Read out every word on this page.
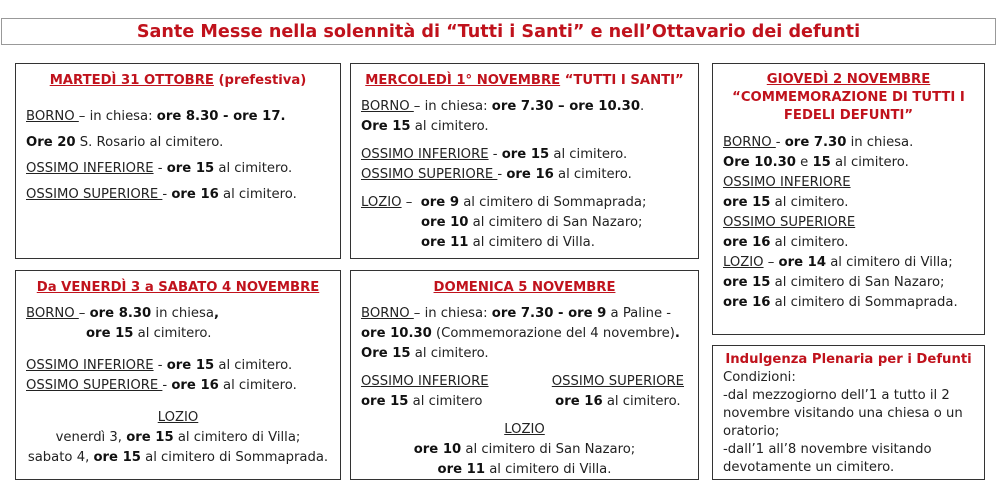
Sante Messe nella solennità di “Tutti i Santi” e nell’Ottavario dei defunti
MARTEDÌ 31 OTTOBRE (prefestiva)
BORNO – in chiesa: ore 8.30 - ore 17.
Ore 20 S. Rosario al cimitero.
OSSIMO INFERIORE - ore 15 al cimitero.
OSSIMO SUPERIORE - ore 16 al cimitero.
MERCOLEDÌ 1° NOVEMBRE “TUTTI I SANTI”
BORNO – in chiesa: ore 7.30 – ore 10.30.
Ore 15 al cimitero.
OSSIMO INFERIORE - ore 15 al cimitero.
OSSIMO SUPERIORE - ore 16 al cimitero.
LOZIO –  ore 9 al cimitero di Sommaprada;
ore 10 al cimitero di San Nazaro;
ore 11 al cimitero di Villa.
GIOVEDÌ 2 NOVEMBRE
“COMMEMORAZIONE DI TUTTI I
FEDELI DEFUNTI”
BORNO - ore 7.30 in chiesa.
Ore 10.30 e 15 al cimitero.
OSSIMO INFERIORE
ore 15 al cimitero.
OSSIMO SUPERIORE
ore 16 al cimitero.
LOZIO – ore 14 al cimitero di Villa;
ore 15 al cimitero di San Nazaro;
ore 16 al cimitero di Sommaprada.
Da VENERDÌ 3 a SABATO 4 NOVEMBRE
BORNO – ore 8.30 in chiesa,
ore 15 al cimitero.
OSSIMO INFERIORE - ore 15 al cimitero.
OSSIMO SUPERIORE - ore 16 al cimitero.
LOZIO
venerdì 3, ore 15 al cimitero di Villa;
sabato 4, ore 15 al cimitero di Sommaprada.
DOMENICA 5 NOVEMBRE
BORNO – in chiesa: ore 7.30 - ore 9 a Paline -
ore 10.30 (Commemorazione del 4 novembre).
Ore 15 al cimitero.
OSSIMO INFERIORE
ore 15 al cimitero
OSSIMO SUPERIORE
ore 16 al cimitero.
LOZIO
ore 10 al cimitero di San Nazaro;
ore 11 al cimitero di Villa.
Indulgenza Plenaria per i Defunti
Condizioni:
-dal mezzogiorno dell’1 a tutto il 2
novembre visitando una chiesa o un
oratorio;
-dall’1 all’8 novembre visitando
devotamente un cimitero.
